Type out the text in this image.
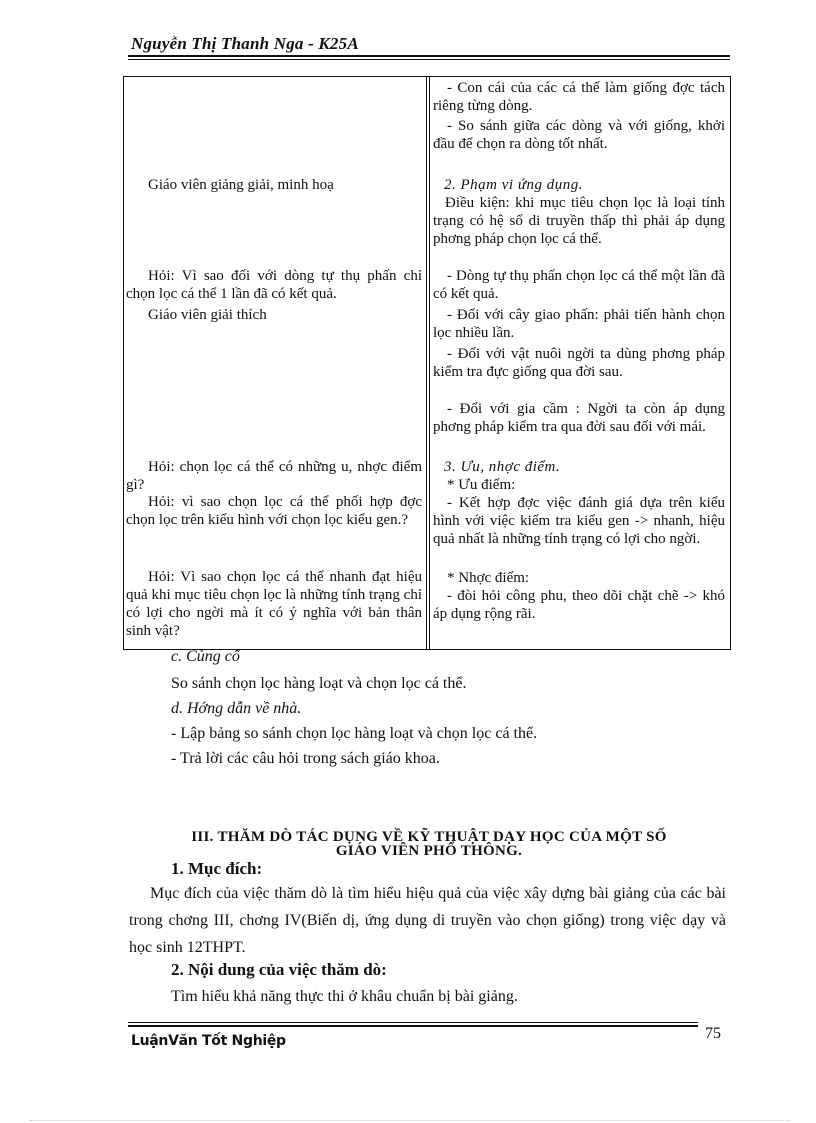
Nguyễn Thị Thanh Nga - K25A
Giáo viên giảng giải, minh hoạ
Hỏi: Vì sao đối với dòng tự thụ phấn chỉ chọn lọc cá thể 1 lần đã có kết quả.
Giáo viên giải thích
Hỏi: chọn lọc cá thể có những u, nhợc điểm gì?
Hỏi: vì sao chọn lọc cá thể phối hợp đợc chọn lọc trên kiểu hình với chọn lọc kiểu gen.?
Hỏi: Vì sao chọn lọc cá thể nhanh đạt hiệu quả khi mục tiêu chọn lọc là những tính trạng chỉ có lợi cho ngời mà ít có ý nghĩa với bản thân sinh vật?
- Con cái của các cá thể làm giống đợc tách riêng từng dòng.
- So sánh giữa các dòng và với giống, khởi đầu để chọn ra dòng tốt nhất.
2. Phạm vi ứng dụng.
Điều kiện: khi mục tiêu chọn lọc là loại tính trạng có hệ số di truyền thấp thì phải áp dụng phơng pháp chọn lọc cá thể.
- Dòng tự thụ phấn chọn lọc cá thể một lần đã có kết quả.
- Đối với cây giao phấn: phải tiến hành chọn lọc nhiều lần.
- Đối với vật nuôi ngời ta dùng phơng pháp kiểm tra đực giống qua đời sau.
- Đối với gia cầm : Ngời ta còn áp dụng phơng pháp kiểm tra qua đời sau đối với mái.
3. Ưu, nhợc điểm.
* Ưu điểm:
- Kết hợp đợc việc đánh giá dựa trên kiểu hình với việc kiểm tra kiểu gen -> nhanh, hiệu quả nhất là những tính trạng có lợi cho ngời.
* Nhợc điểm:
- đòi hỏi công phu, theo dõi chặt chẽ -> khó áp dụng rộng rãi.
c. Củng cố
So sánh chọn lọc hàng loạt và chọn lọc cá thể.
d. Hớng dẫn về nhà.
- Lập bảng so sánh chọn lọc hàng loạt và chọn lọc cá thể.
- Trả lời các câu hỏi trong sách giáo khoa.
III. THĂM DÒ TÁC DỤNG VỀ KỸ THUẬT DẠY HỌC CỦA MỘT SỐ
GIÁO VIÊN PHỔ THÔNG.
1. Mục đích:
Mục đích của việc thăm dò là tìm hiểu hiệu quả của việc xây dựng bài giảng của các bài trong chơng III, chơng IV(Biến dị, ứng dụng di truyền vào chọn giống) trong việc dạy và học sinh 12THPT.
2. Nội dung của việc thăm dò:
Tìm hiểu khả năng thực thi ở khâu chuẩn bị bài giảng.
LuậnVăn Tốt Nghiệp	75
